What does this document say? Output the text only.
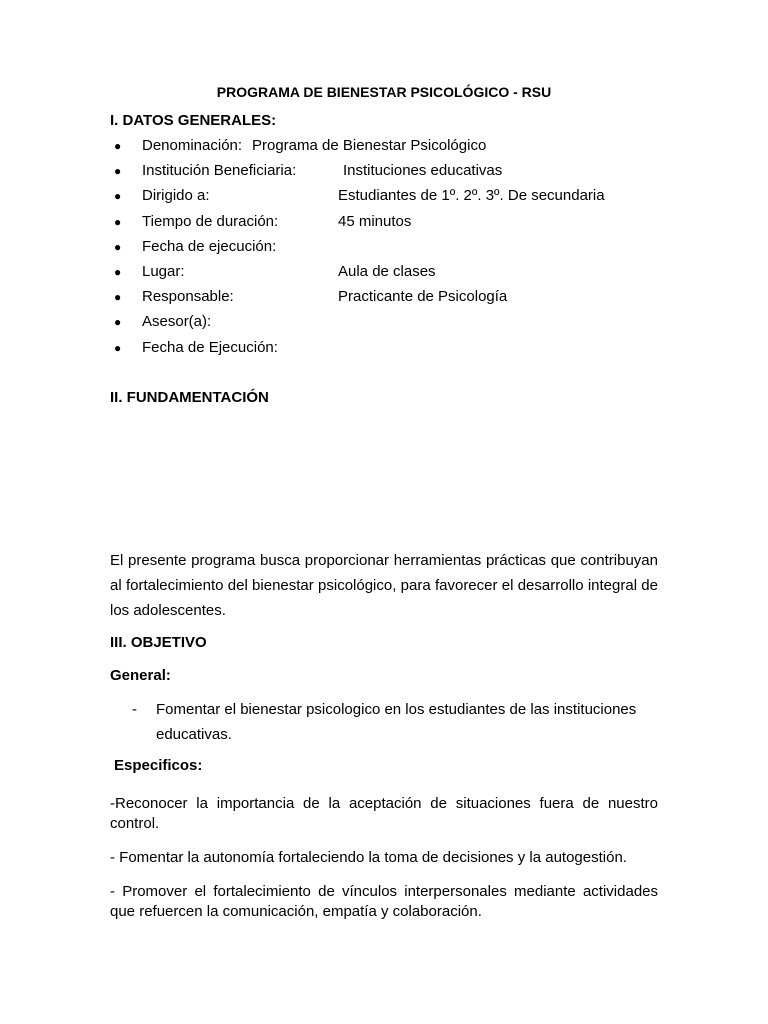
PROGRAMA DE BIENESTAR PSICOLÓGICO - RSU
I. DATOS GENERALES:
● Denominación: Programa de Bienestar Psicológico
● Institución Beneficiaria:	Instituciones educativas
● Dirigido a:	Estudiantes de 1º. 2º. 3º. De secundaria
● Tiempo de duración:	45 minutos
● Fecha de ejecución:
● Lugar:	Aula de clases
● Responsable:	Practicante de Psicología
● Asesor(a):
● Fecha de Ejecución:
II. FUNDAMENTACIÓN
El presente programa busca proporcionar herramientas prácticas que contribuyan al fortalecimiento del bienestar psicológico, para favorecer el desarrollo integral de los adolescentes.
III. OBJETIVO
General:
- Fomentar el bienestar psicologico en los estudiantes de las instituciones educativas.
Especificos:
-Reconocer la importancia de la aceptación de situaciones fuera de nuestro control.
- Fomentar la autonomía fortaleciendo la toma de decisiones y la autogestión.
- Promover el fortalecimiento de vínculos interpersonales mediante actividades que refuercen la comunicación, empatía y colaboración.
